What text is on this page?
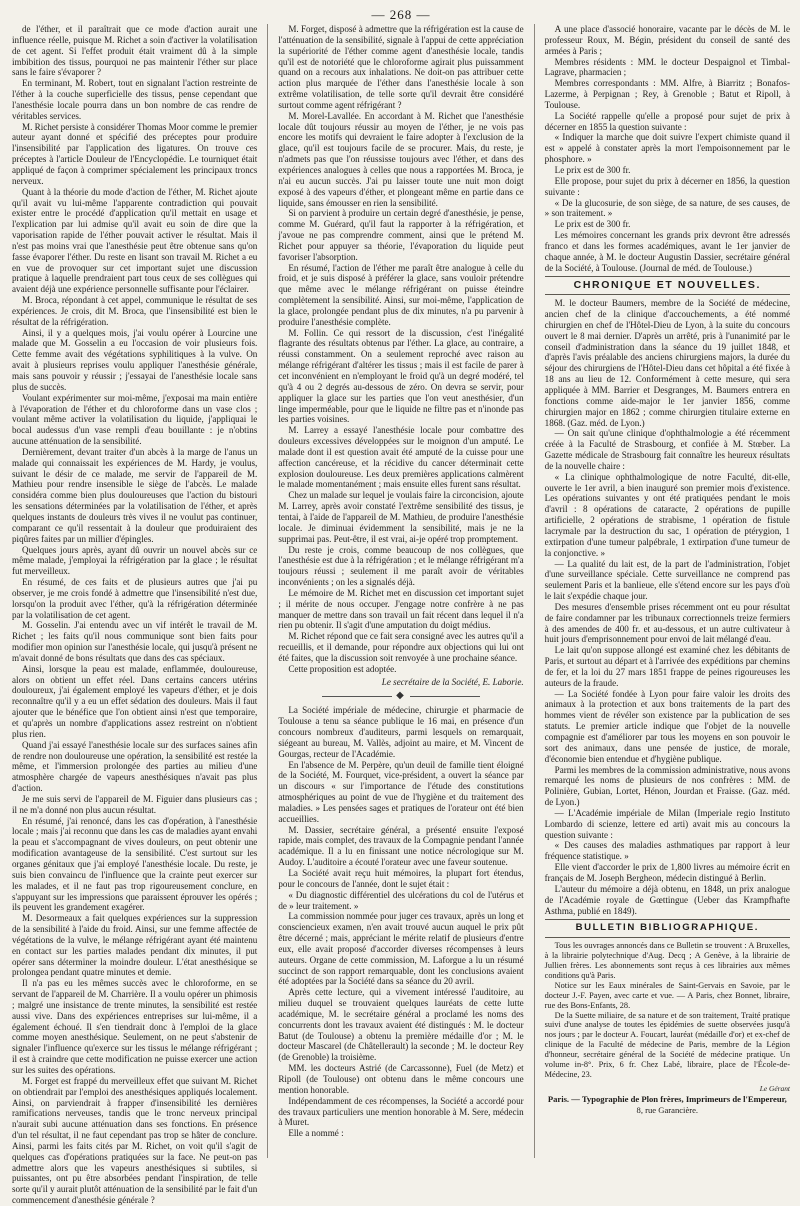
— 268 —

de l'éther, et il paraîtrait que ce mode d'action aurait une influence réelle, puisque M. Richet a soin d'activer la volatilisation de cet agent. Si l'effet produit était vraiment dû à la simple imbibition des tissus, pourquoi ne pas maintenir l'éther sur place sans le faire s'évaporer ?

En terminant, M. Robert, tout en signalant l'action restreinte de l'éther à la couche superficielle des tissus, pense cependant que l'anesthésie locale pourra dans un bon nombre de cas rendre de véritables services.

M. Richet persiste à considérer Thomas Moor comme le premier auteur ayant donné et spécifié des préceptes pour produire l'insensibilité par l'application des ligatures. On trouve ces préceptes à l'article Douleur de l'Encyclopédie. Le tourniquet était appliqué de façon à comprimer spécialement les principaux troncs nerveux.

Quant à la théorie du mode d'action de l'éther, M. Richet ajoute qu'il avait vu lui-même l'apparente contradiction qui pouvait exister entre le procédé d'application qu'il mettait en usage et l'explication par lui admise qu'il avait eu soin de dire que la vaporisation rapide de l'éther pouvait activer le résultat. Mais il n'est pas moins vrai que l'anesthésie peut être obtenue sans qu'on fasse évaporer l'éther. Du reste en lisant son travail M. Richet a eu en vue de provoquer sur cet important sujet une discussion pratique à laquelle prendraient part tous ceux de ses collègues qui avaient déjà une expérience personnelle suffisante pour l'éclairer.

M. Broca, répondant à cet appel, communique le résultat de ses expériences. Je crois, dit M. Broca, que l'insensibilité est bien le résultat de la réfrigération.

Ainsi, il y a quelques mois, j'ai voulu opérer à Lourcine une malade que M. Gosselin a eu l'occasion de voir plusieurs fois. Cette femme avait des végétations syphilitiques à la vulve. On avait à plusieurs reprises voulu appliquer l'anesthésie générale, mais sans pouvoir y réussir ; j'essayai de l'anesthésie locale sans plus de succès.

Voulant expérimenter sur moi-même, j'exposai ma main entière à l'évaporation de l'éther et du chloroforme dans un vase clos ; voulant même activer la volatilisation du liquide, j'appliquai le bocal audessus d'un vase rempli d'eau bouillante : je n'obtins aucune atténuation de la sensibilité.

Dernièrement, devant traiter d'un abcès à la marge de l'anus un malade qui connaissait les expériences de M. Hardy, je voulus, suivant le désir de ce malade, me servir de l'appareil de M. Mathieu pour rendre insensible le siège de l'abcès. Le malade considéra comme bien plus douloureuses que l'action du bistouri les sensations déterminées par la volatilisation de l'éther, et après quelques instants de douleurs très vives il ne voulut pas continuer, comparant ce qu'il ressentait à la douleur que produiraient des piqûres faites par un millier d'épingles.

Quelques jours après, ayant dû ouvrir un nouvel abcès sur ce même malade, j'employai la réfrigération par la glace ; le résultat fut merveilleux.

En résumé, de ces faits et de plusieurs autres que j'ai pu observer, je me crois fondé à admettre que l'insensibilité n'est due, lorsqu'on la produit avec l'éther, qu'à la réfrigération déterminée par la volatilisation de cet agent.

M. Gosselin. J'ai entendu avec un vif intérêt le travail de M. Richet ; les faits qu'il nous communique sont bien faits pour modifier mon opinion sur l'anesthésie locale, qui jusqu'à présent ne m'avait donné de bons résultats que dans des cas spéciaux.

Ainsi, lorsque la peau est malade, enflammée, douloureuse, alors on obtient un effet réel. Dans certains cancers utérins douloureux, j'ai également employé les vapeurs d'éther, et je dois reconnaître qu'il y a eu un effet sédation des douleurs. Mais il faut ajouter que le bénéfice que l'on obtient ainsi n'est que temporaire, et qu'après un nombre d'applications assez restreint on n'obtient plus rien.

Quand j'ai essayé l'anesthésie locale sur des surfaces saines afin de rendre non douloureuse une opération, la sensibilité est restée la même, et l'immersion prolongée des parties au milieu d'une atmosphère chargée de vapeurs anesthésiques n'avait pas plus d'action.

Je me suis servi de l'appareil de M. Figuier dans plusieurs cas ; il ne m'a donné non plus aucun résultat.

En résumé, j'ai renoncé, dans les cas d'opération, à l'anesthésie locale ; mais j'ai reconnu que dans les cas de maladies ayant envahi la peau et s'accompagnant de vives douleurs, on peut obtenir une modification avantageuse de la sensibilité. C'est surtout sur les organes génitaux que j'ai employé l'anesthésie locale. Du reste, je suis bien convaincu de l'influence que la crainte peut exercer sur les malades, et il ne faut pas trop rigoureusement conclure, en s'appuyant sur les impressions que paraissent éprouver les opérés ; ils peuvent les grandement exagérer.

M. Desormeaux a fait quelques expériences sur la suppression de la sensibilité à l'aide du froid. Ainsi, sur une femme affectée de végétations de la vulve, le mélange réfrigérant ayant été maintenu en contact sur les parties malades pendant dix minutes, il put opérer sans déterminer la moindre douleur. L'état anesthésique se prolongea pendant quatre minutes et demie.

Il n'a pas eu les mêmes succès avec le chloroforme, en se servant de l'appareil de M. Charrière. Il a voulu opérer un phimosis ; malgré une insistance de trente minutes, la sensibilité est restée aussi vive. Dans des expériences entreprises sur lui-même, il a également échoué. Il s'en tiendrait donc à l'emploi de la glace comme moyen anesthésique. Seulement, on ne peut s'abstenir de signaler l'influence qu'exerce sur les tissus le mélange réfrigérant ; il est à craindre que cette modification ne puisse exercer une action sur les suites des opérations.

M. Forget est frappé du merveilleux effet que suivant M. Richet on obtiendrait par l'emploi des anesthésiques appliqués localement. Ainsi, on parviendrait à frapper d'insensibilité les dernières ramifications nerveuses, tandis que le tronc nerveux principal n'aurait subi aucune atténuation dans ses fonctions. En présence d'un tel résultat, il ne faut cependant pas trop se hâter de conclure. Ainsi, parmi les faits cités par M. Richet, on voit qu'il s'agit de quelques cas d'opérations pratiquées sur la face. Ne peut-on pas admettre alors que les vapeurs anesthésiques si subtiles, si puissantes, ont pu être absorbées pendant l'inspiration, de telle sorte qu'il y aurait plutôt atténuation de la sensibilité par le fait d'un commencement d'anesthésie générale ?

M. Forget, disposé à admettre que la réfrigération est la cause de l'atténuation de la sensibilité, signale à l'appui de cette appréciation la supériorité de l'éther comme agent d'anesthésie locale, tandis qu'il est de notoriété que le chloroforme agirait plus puissamment quand on a recours aux inhalations. Ne doit-on pas attribuer cette action plus marquée de l'éther dans l'anesthésie locale à son extrême volatilisation, de telle sorte qu'il devrait être considéré surtout comme agent réfrigérant ?

M. Morel-Lavallée. En accordant à M. Richet que l'anesthésie locale dût toujours réussir au moyen de l'éther, je ne vois pas encore les motifs qui devraient le faire adopter à l'exclusion de la glace, qu'il est toujours facile de se procurer. Mais, du reste, je n'admets pas que l'on réussisse toujours avec l'éther, et dans des expériences analogues à celles que nous a rapportées M. Broca, je n'ai eu aucun succès. J'ai pu laisser toute une nuit mon doigt exposé à des vapeurs d'éther, et plongeant même en partie dans ce liquide, sans émousser en rien la sensibilité.

Si on parvient à produire un certain degré d'anesthésie, je pense, comme M. Guérard, qu'il faut la rapporter à la réfrigération, et j'avoue ne pas comprendre comment, ainsi que le prétend M. Richet pour appuyer sa théorie, l'évaporation du liquide peut favoriser l'absorption.

En résumé, l'action de l'éther me paraît être analogue à celle du froid, et je suis disposé à préférer la glace, sans vouloir prétendre que même avec le mélange réfrigérant on puisse éteindre complètement la sensibilité. Ainsi, sur moi-même, l'application de la glace, prolongée pendant plus de dix minutes, n'a pu parvenir à produire l'anesthésie complète.

M. Follin. Ce qui ressort de la discussion, c'est l'inégalité flagrante des résultats obtenus par l'éther. La glace, au contraire, a réussi constamment. On a seulement reproché avec raison au mélange réfrigérant d'altérer les tissus ; mais il est facile de parer à cet inconvénient en n'employant le froid qu'à un degré modéré, tel qu'à 4 ou 2 degrés au-dessous de zéro. On devra se servir, pour appliquer la glace sur les parties que l'on veut anesthésier, d'un linge imperméable, pour que le liquide ne filtre pas et n'inonde pas les parties voisines.

M. Larrey a essayé l'anesthésie locale pour combattre des douleurs excessives développées sur le moignon d'un amputé. Le malade dont il est question avait été amputé de la cuisse pour une affection cancéreuse, et la récidive du cancer déterminait cette explosion douloureuse. Les deux premières applications calmèrent le malade momentanément ; mais ensuite elles furent sans résultat.

Chez un malade sur lequel je voulais faire la circoncision, ajoute M. Larrey, après avoir constaté l'extrême sensibilité des tissus, je tentai, à l'aide de l'appareil de M. Mathieu, de produire l'anesthésie locale. Je diminuai évidemment la sensibilité, mais je ne la supprimai pas. Peut-être, il est vrai, ai-je opéré trop promptement.

Du reste je crois, comme beaucoup de nos collègues, que l'anesthésie est due à la réfrigération ; et le mélange réfrigérant m'a toujours réussi ; seulement il me paraît avoir de véritables inconvénients ; on les a signalés déjà.

Le mémoire de M. Richet met en discussion cet important sujet ; il mérite de nous occuper. J'engage notre confrère à ne pas manquer de mettre dans son travail un fait récent dans lequel il n'a rien pu obtenir. Il s'agit d'une amputation du doigt médius.

M. Richet répond que ce fait sera consigné avec les autres qu'il a recueillis, et il demande, pour répondre aux objections qui lui ont été faites, que la discussion soit renvoyée à une prochaine séance.

Cette proposition est adoptée.

Le secrétaire de la Société, E. Laborie.

◆

La Société impériale de médecine, chirurgie et pharmacie de Toulouse a tenu sa séance publique le 16 mai, en présence d'un concours nombreux d'auditeurs, parmi lesquels on remarquait, siégeant au bureau, M. Vallès, adjoint au maire, et M. Vincent de Gourgas, recteur de l'Académie.

En l'absence de M. Perpère, qu'un deuil de famille tient éloigné de la Société, M. Fourquet, vice-président, a ouvert la séance par un discours « sur l'importance de l'étude des constitutions atmosphériques au point de vue de l'hygiène et du traitement des maladies. » Les pensées sages et pratiques de l'orateur ont été bien accueillies.

M. Dassier, secrétaire général, a présenté ensuite l'exposé rapide, mais complet, des travaux de la Compagnie pendant l'année académique. Il a lu en finissant une notice nécrologique sur M. Audoy. L'auditoire a écouté l'orateur avec une faveur soutenue.

La Société avait reçu huit mémoires, la plupart fort étendus, pour le concours de l'année, dont le sujet était :

« Du diagnostic différentiel des ulcérations du col de l'utérus et de » leur traitement. »

La commission nommée pour juger ces travaux, après un long et consciencieux examen, n'en avait trouvé aucun auquel le prix pût être décerné ; mais, appréciant le mérite relatif de plusieurs d'entre eux, elle avait proposé d'accorder diverses récompenses à leurs auteurs. Organe de cette commission, M. Laforgue a lu un résumé succinct de son rapport remarquable, dont les conclusions avaient été adoptées par la Société dans sa séance du 20 avril.

Après cette lecture, qui a vivement intéressé l'auditoire, au milieu duquel se trouvaient quelques lauréats de cette lutte académique, M. le secrétaire général a proclamé les noms des concurrents dont les travaux avaient été distingués : M. le docteur Batut (de Toulouse) a obtenu la première médaille d'or ; M. le docteur Mascarel (de Châtellerault) la seconde ; M. le docteur Rey (de Grenoble) la troisième.

MM. les docteurs Astrié (de Carcassonne), Fuel (de Metz) et Ripoll (de Toulouse) ont obtenu dans le même concours une mention honorable.

Indépendamment de ces récompenses, la Société a accordé pour des travaux particuliers une mention honorable à M. Sere, médecin à Muret.

Elle a nommé :

A une place d'associé honoraire, vacante par le décès de M. le professeur Roux, M. Bégin, président du conseil de santé des armées à Paris ;

Membres résidents : MM. le docteur Despaignol et Timbal-Lagrave, pharmacien ;

Membres correspondants : MM. Alfre, à Biarritz ; Bonafos-Lazerme, à Perpignan ; Rey, à Grenoble ; Batut et Ripoll, à Toulouse.

La Société rappelle qu'elle a proposé pour sujet de prix à décerner en 1855 la question suivante :

« Indiquer la marche que doit suivre l'expert chimiste quand il est » appelé à constater après la mort l'empoisonnement par le phosphore. »

Le prix est de 300 fr.

Elle propose, pour sujet du prix à décerner en 1856, la question suivante :

« De la glucosurie, de son siège, de sa nature, de ses causes, de » son traitement. »

Le prix est de 300 fr.

Les mémoires concernant les grands prix devront être adressés franco et dans les formes académiques, avant le 1er janvier de chaque année, à M. le docteur Augustin Dassier, secrétaire général de la Société, à Toulouse. (Journal de méd. de Toulouse.)

CHRONIQUE ET NOUVELLES.

M. le docteur Baumers, membre de la Société de médecine, ancien chef de la clinique d'accouchements, a été nommé chirurgien en chef de l'Hôtel-Dieu de Lyon, à la suite du concours ouvert le 8 mai dernier. D'après un arrêté, pris à l'unanimité par le conseil d'administration dans la séance du 19 juillet 1848, et d'après l'avis préalable des anciens chirurgiens majors, la durée du séjour des chirurgiens de l'Hôtel-Dieu dans cet hôpital a été fixée à 18 ans au lieu de 12. Conformément à cette mesure, qui sera appliquée à MM. Barrier et Desgranges, M. Baumers entrera en fonctions comme aide-major le 1er janvier 1856, comme chirurgien major en 1862 ; comme chirurgien titulaire externe en 1868. (Gaz. méd. de Lyon.)

— On sait qu'une clinique d'ophthalmologie a été récemment créée à la Faculté de Strasbourg, et confiée à M. Stœber. La Gazette médicale de Strasbourg fait connaître les heureux résultats de la nouvelle chaire :

« La clinique ophthalmologique de notre Faculté, dit-elle, ouverte le 1er avril, a bien inauguré son premier mois d'existence. Les opérations suivantes y ont été pratiquées pendant le mois d'avril : 8 opérations de cataracte, 2 opérations de pupille artificielle, 2 opérations de strabisme, 1 opération de fistule lacrymale par la destruction du sac, 1 opération de ptérygion, 1 extirpation d'une tumeur palpébrale, 1 extirpation d'une tumeur de la conjonctive. »

— La qualité du lait est, de la part de l'administration, l'objet d'une surveillance spéciale. Cette surveillance ne comprend pas seulement Paris et la banlieue, elle s'étend encore sur les pays d'où le lait s'expédie chaque jour.

Des mesures d'ensemble prises récemment ont eu pour résultat de faire condamner par les tribunaux correctionnels treize fermiers à des amendes de 400 fr. et au-dessous, et un autre cultivateur à huit jours d'emprisonnement pour envoi de lait mélangé d'eau.

Le lait qu'on suppose allongé est examiné chez les débitants de Paris, et surtout au départ et à l'arrivée des expéditions par chemins de fer, et la loi du 27 mars 1851 frappe de peines rigoureuses les auteurs de la fraude.

— La Société fondée à Lyon pour faire valoir les droits des animaux à la protection et aux bons traitements de la part des hommes vient de révéler son existence par la publication de ses statuts. Le premier article indique que l'objet de la nouvelle compagnie est d'améliorer par tous les moyens en son pouvoir le sort des animaux, dans une pensée de justice, de morale, d'économie bien entendue et d'hygiène publique.

Parmi les membres de la commission administrative, nous avons remarqué les noms de plusieurs de nos confrères : MM. de Polinière, Gubian, Lortet, Hénon, Jourdan et Fraisse. (Gaz. méd. de Lyon.)

— L'Académie impériale de Milan (Imperiale regio Instituto Lombardo di scienze, lettere ed arti) avait mis au concours la question suivante :

« Des causes des maladies asthmatiques par rapport à leur fréquence statistique. »

Elle vient d'accorder le prix de 1,800 livres au mémoire écrit en français de M. Joseph Bergheon, médecin distingué à Berlin.

L'auteur du mémoire a déjà obtenu, en 1848, un prix analogue de l'Académie royale de Gœttingue (Ueber das Krampfhafte Asthma, publié en 1849).

BULLETIN BIBLIOGRAPHIQUE.

Tous les ouvrages annoncés dans ce Bulletin se trouvent : A Bruxelles, à la librairie polytechnique d'Aug. Decq ; A Genève, à la librairie de Jullien frères. Les abonnements sont reçus à ces librairies aux mêmes conditions qu'à Paris.

Notice sur les Eaux minérales de Saint-Gervais en Savoie, par le docteur J.-F. Payen, avec carte et vue. — A Paris, chez Bonnet, libraire, rue des Bons-Enfants, 28.

De la Suette miliaire, de sa nature et de son traitement, Traité pratique suivi d'une analyse de toutes les épidémies de suette observées jusqu'à nos jours ; par le docteur A. Foucart, lauréat (médaille d'or) et ex-chef de clinique de la Faculté de médecine de Paris, membre de la Légion d'honneur, secrétaire général de la Société de médecine pratique. Un volume in-8°. Prix, 6 fr. Chez Labé, libraire, place de l'École-de-Médecine, 23.

Le Gérant
Paris. — Typographie de Plon frères, Imprimeurs de l'Empereur,
8, rue Garancière.
